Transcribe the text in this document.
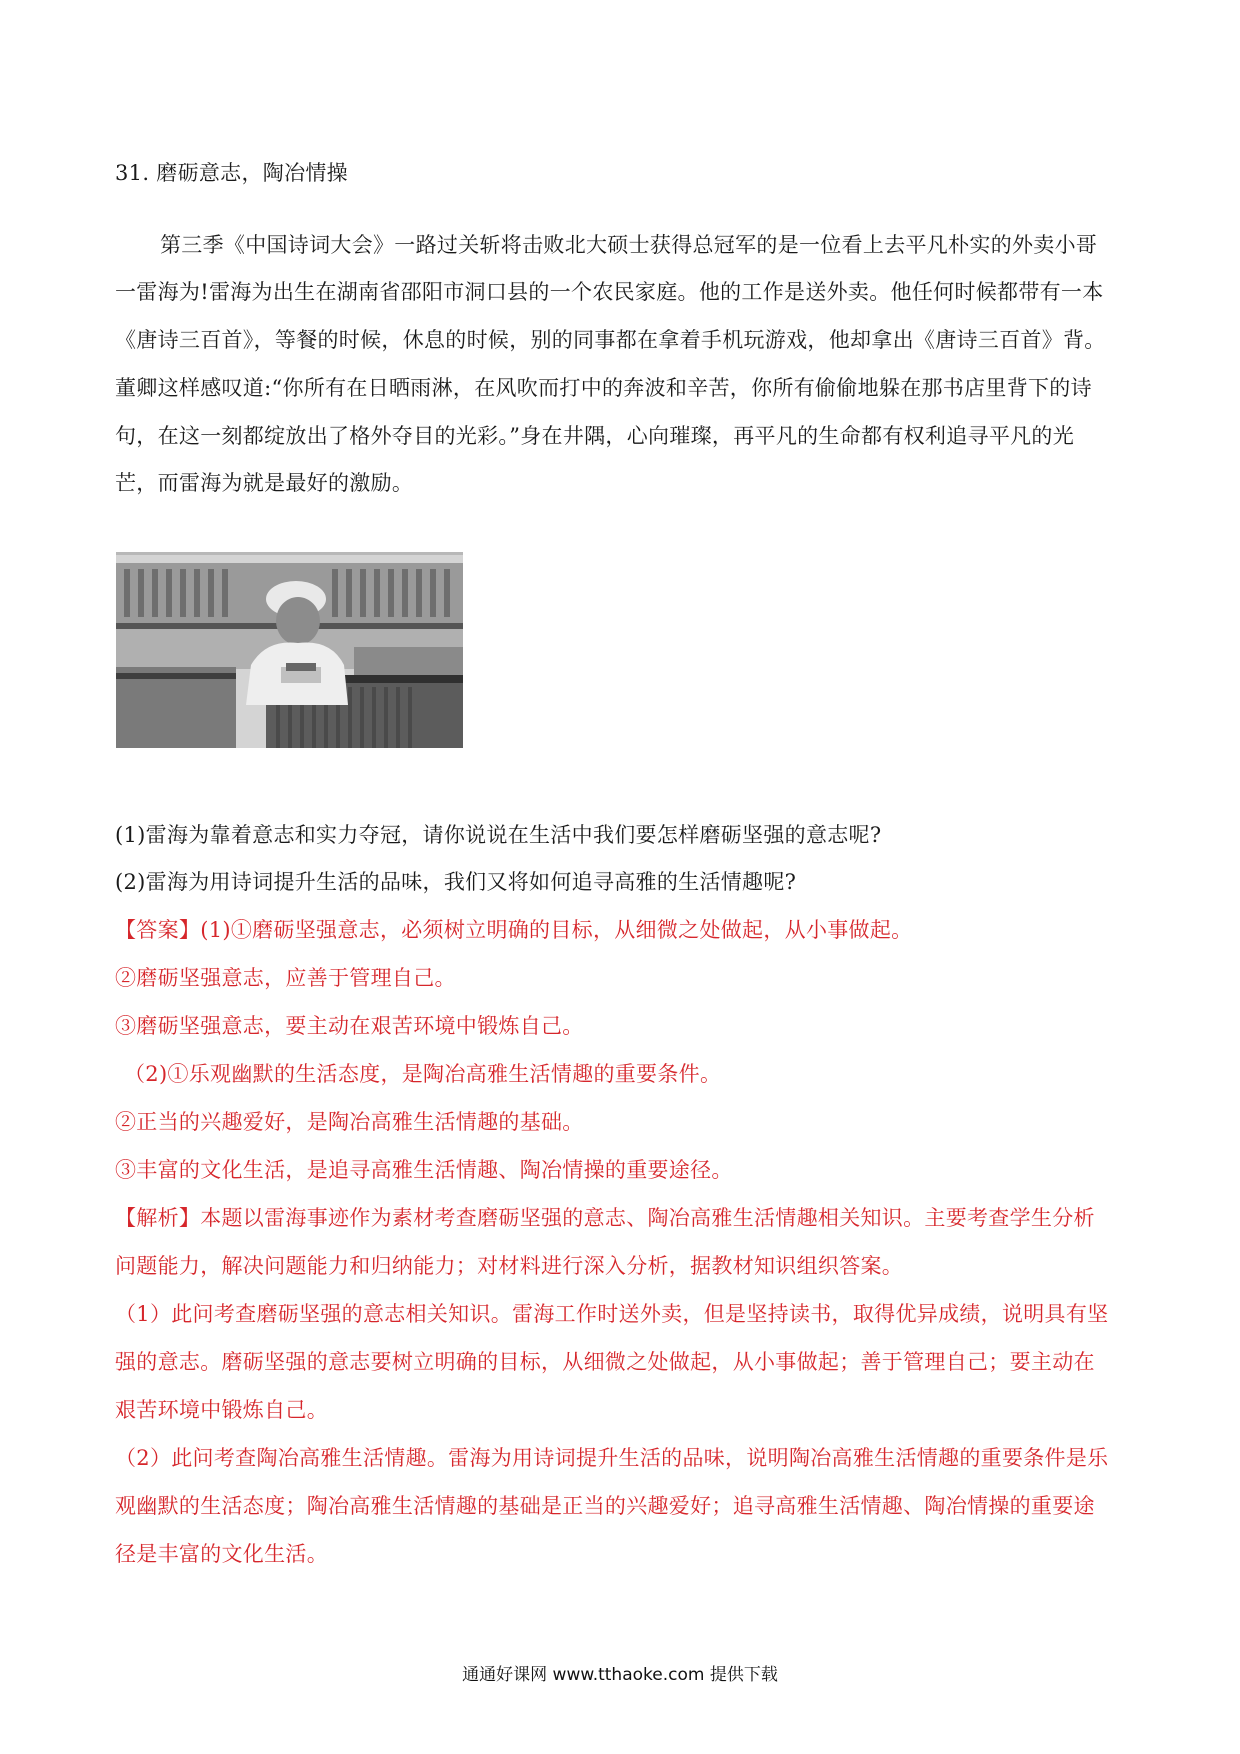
31. 磨砺意志，陶冶情操
第三季《中国诗词大会》一路过关斩将击败北大硕士获得总冠军的是一位看上去平凡朴实的外卖小哥
一雷海为!雷海为出生在湖南省邵阳市洞口县的一个农民家庭。他的工作是送外卖。他任何时候都带有一本
《唐诗三百首》，等餐的时候，休息的时候，别的同事都在拿着手机玩游戏，他却拿出《唐诗三百首》背。
董卿这样感叹道:“你所有在日晒雨淋，在风吹而打中的奔波和辛苦，你所有偷偷地躲在那书店里背下的诗
句，在这一刻都绽放出了格外夺目的光彩。”身在井隅，心向璀璨，再平凡的生命都有权利追寻平凡的光
芒，而雷海为就是最好的激励。
(1)雷海为靠着意志和实力夺冠，请你说说在生活中我们要怎样磨砺坚强的意志呢?
(2)雷海为用诗词提升生活的品味，我们又将如何追寻高雅的生活情趣呢?
【答案】(1)①磨砺坚强意志，必须树立明确的目标，从细微之处做起，从小事做起。
②磨砺坚强意志，应善于管理自己。
③磨砺坚强意志，要主动在艰苦环境中锻炼自己。
（2)①乐观幽默的生活态度，是陶冶高雅生活情趣的重要条件。
②正当的兴趣爱好，是陶冶高雅生活情趣的基础。
③丰富的文化生活，是追寻高雅生活情趣、陶冶情操的重要途径。
【解析】本题以雷海事迹作为素材考查磨砺坚强的意志、陶冶高雅生活情趣相关知识。主要考查学生分析
问题能力，解决问题能力和归纳能力；对材料进行深入分析，据教材知识组织答案。
（1）此问考查磨砺坚强的意志相关知识。雷海工作时送外卖，但是坚持读书，取得优异成绩，说明具有坚
强的意志。磨砺坚强的意志要树立明确的目标，从细微之处做起，从小事做起；善于管理自己；要主动在
艰苦环境中锻炼自己。
（2）此问考查陶冶高雅生活情趣。雷海为用诗词提升生活的品味，说明陶冶高雅生活情趣的重要条件是乐
观幽默的生活态度；陶冶高雅生活情趣的基础是正当的兴趣爱好；追寻高雅生活情趣、陶冶情操的重要途
径是丰富的文化生活。
通通好课网 www.tthaoke.com 提供下载
